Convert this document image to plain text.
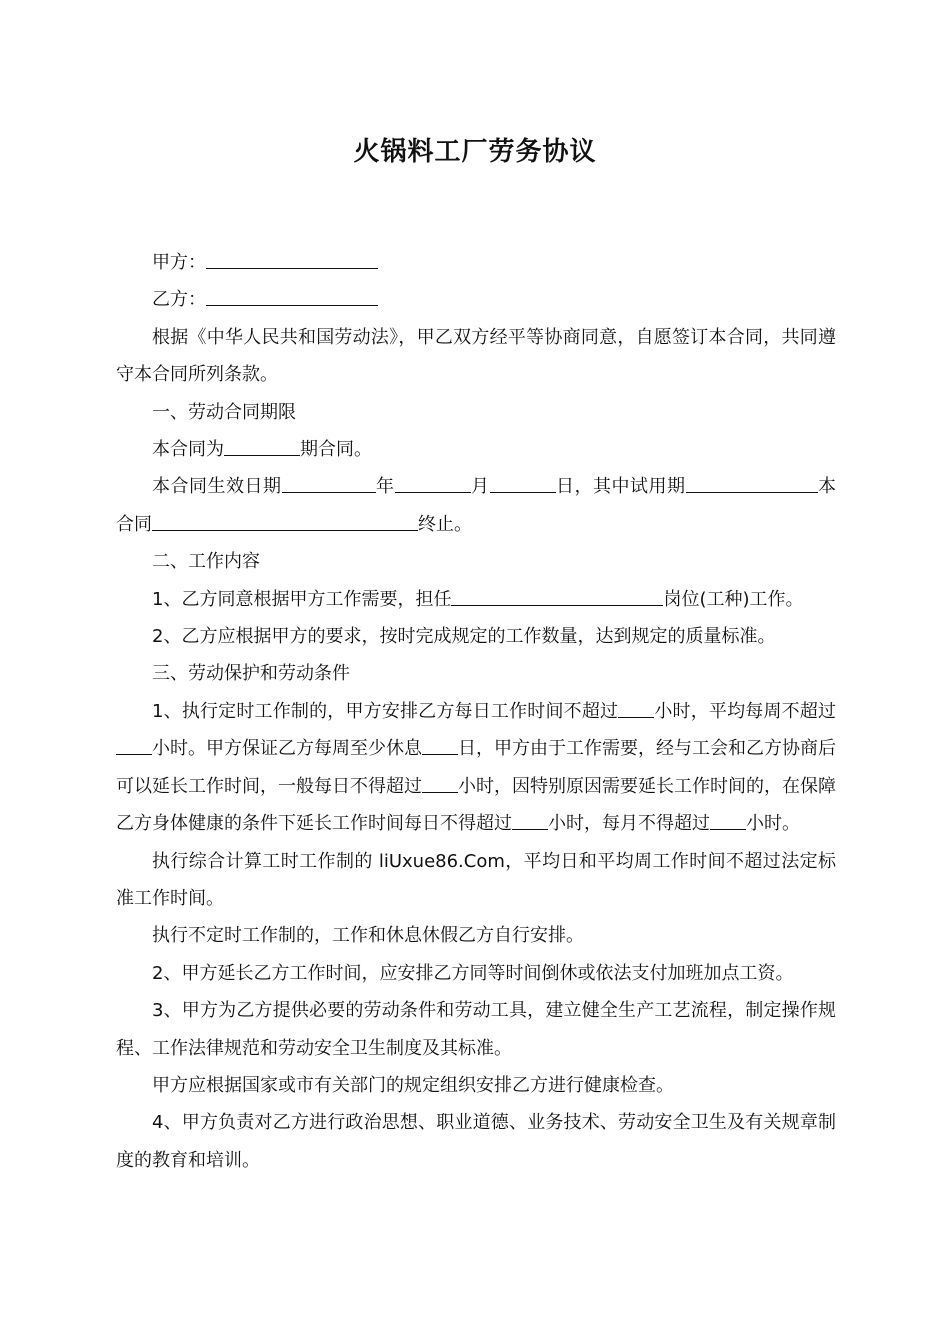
火锅料工厂劳务协议

甲方：

乙方：

根据《中华人民共和国劳动法》，甲乙双方经平等协商同意，自愿签订本合同，共同遵守本合同所列条款。

一、劳动合同期限

本合同为	期合同。

本合同生效日期	年	月	日，其中试用期	本合同	终止。

二、工作内容

1、乙方同意根据甲方工作需要，担任	岗位(工种)工作。

2、乙方应根据甲方的要求，按时完成规定的工作数量，达到规定的质量标准。

三、劳动保护和劳动条件

1、执行定时工作制的，甲方安排乙方每日工作时间不超过 小时，平均每周不超过小时。甲方保证乙方每周至少休息 日，甲方由于工作需要，经与工会和乙方协商后可以延长工作时间，一般每日不得超过 小时，因特别原因需要延长工作时间的，在保障乙方身体健康的条件下延长工作时间每日不得超过 小时，每月不得超过 小时。

执行综合计算工时工作制的 liUxue86.Com，平均日和平均周工作时间不超过法定标准工作时间。

执行不定时工作制的，工作和休息休假乙方自行安排。

2、甲方延长乙方工作时间，应安排乙方同等时间倒休或依法支付加班加点工资。

3、甲方为乙方提供必要的劳动条件和劳动工具，建立健全生产工艺流程，制定操作规程、工作法律规范和劳动安全卫生制度及其标准。

甲方应根据国家或市有关部门的规定组织安排乙方进行健康检查。

4、甲方负责对乙方进行政治思想、职业道德、业务技术、劳动安全卫生及有关规章制度的教育和培训。
